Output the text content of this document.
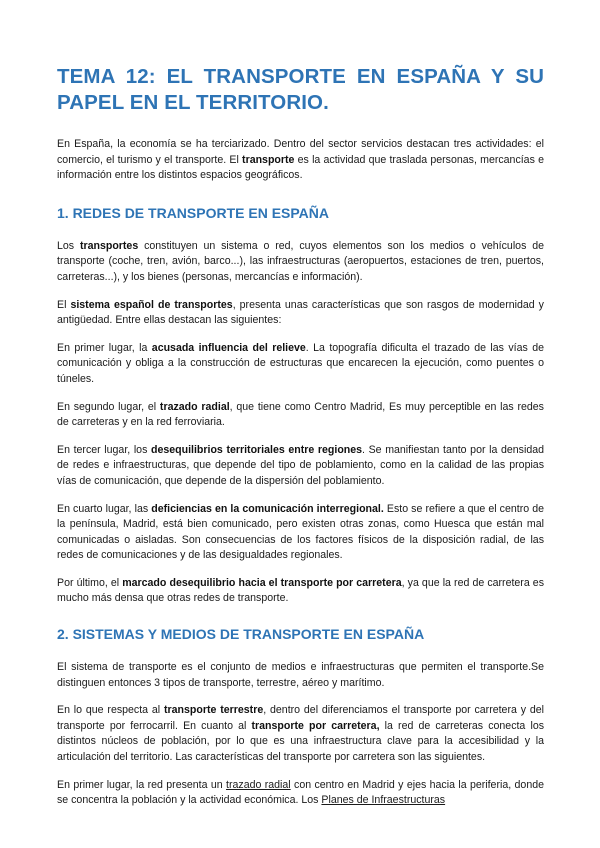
TEMA 12: EL TRANSPORTE EN ESPAÑA Y SU PAPEL EN EL TERRITORIO.

En España, la economía se ha terciarizado. Dentro del sector servicios destacan tres actividades: el comercio, el turismo y el transporte. El transporte es la actividad que traslada personas, mercancías e información entre los distintos espacios geográficos.

1. REDES DE TRANSPORTE EN ESPAÑA

Los transportes constituyen un sistema o red, cuyos elementos son los medios o vehículos de transporte (coche, tren, avión, barco...), las infraestructuras (aeropuertos, estaciones de tren, puertos, carreteras...), y los bienes (personas, mercancías e información).

El sistema español de transportes, presenta unas características que son rasgos de modernidad y antigüedad. Entre ellas destacan las siguientes:

En primer lugar, la acusada influencia del relieve. La topografía dificulta el trazado de las vías de comunicación y obliga a la construcción de estructuras que encarecen la ejecución, como puentes o túneles.

En segundo lugar, el trazado radial, que tiene como Centro Madrid, Es muy perceptible en las redes de carreteras y en la red ferroviaria.

En tercer lugar, los desequilibrios territoriales entre regiones. Se manifiestan tanto por la densidad de redes e infraestructuras, que depende del tipo de poblamiento, como en la calidad de las propias vías de comunicación, que depende de la dispersión del poblamiento.

En cuarto lugar, las deficiencias en la comunicación interregional. Esto se refiere a que el centro de la península, Madrid, está bien comunicado, pero existen otras zonas, como Huesca que están mal comunicadas o aisladas. Son consecuencias de los factores físicos de la disposición radial, de las redes de comunicaciones y de las desigualdades regionales.

Por último, el marcado desequilibrio hacia el transporte por carretera, ya que la red de carretera es mucho más densa que otras redes de transporte.

2. SISTEMAS Y MEDIOS DE TRANSPORTE EN ESPAÑA

El sistema de transporte es el conjunto de medios e infraestructuras que permiten el transporte.Se distinguen entonces 3 tipos de transporte, terrestre, aéreo y marítimo.

En lo que respecta al transporte terrestre, dentro del diferenciamos el transporte por carretera y del transporte por ferrocarril. En cuanto al transporte por carretera, la red de carreteras conecta los distintos núcleos de población, por lo que es una infraestructura clave para la accesibilidad y la articulación del territorio. Las características del transporte por carretera son las siguientes.

En primer lugar, la red presenta un trazado radial con centro en Madrid y ejes hacia la periferia, donde se concentra la población y la actividad económica. Los Planes de Infraestructuras
